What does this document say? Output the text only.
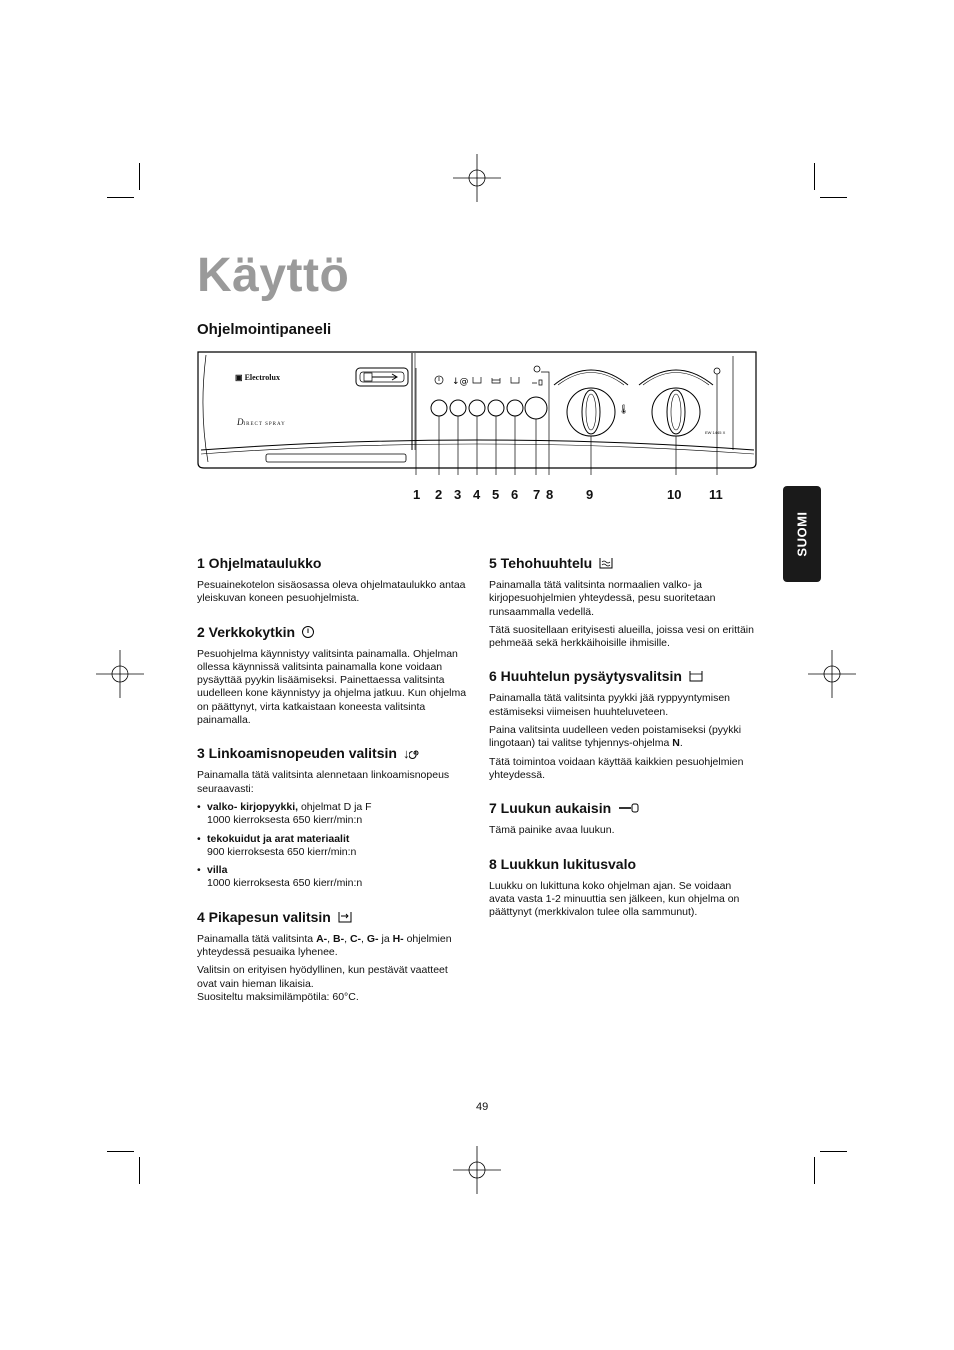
Käyttö
Ohjelmointipaneeli
SUOMI
↓@
🌡
▣ Electrolux
DIRECT SPRAY
EW 1445 X
1 2 3 4 5 6 7 8	9	10 11
1 Ohjelmataulukko

Pesuainekotelon sisäosassa oleva ohjelmataulukko antaa yleiskuvan koneen pesuohjelmista.

2 Verkkokytkin

Pesuohjelma käynnistyy valitsinta painamalla. Ohjelman ollessa käynnissä valitsinta painamalla kone voidaan pysäyttää pyykin lisäämiseksi. Painettaessa valitsinta uudelleen kone käynnistyy ja ohjelma jatkuu. Kun ohjelma on päättynyt, virta katkaistaan koneesta valitsinta painamalla.

3 Linkoamisnopeuden valitsin ↓

Painamalla tätä valitsinta alennetaan linkoamisnopeus seuraavasti:

• valko- kirjopyykki, ohjelmat D ja F
1000 kierroksesta 650 kierr/min:n
• tekokuidut ja arat materiaalit
900 kierroksesta 650 kierr/min:n
• villa
1000 kierroksesta 650 kierr/min:n
4 Pikapesun valitsin

Painamalla tätä valitsinta A-, B-, C-, G- ja H- ohjelmien yhteydessä pesuaika lyhenee.

Valitsin on erityisen hyödyllinen, kun pestävät vaatteet ovat vain hieman likaisia.
Suositeltu maksimilämpötila: 60°C.

5 Tehohuuhtelu

Painamalla tätä valitsinta normaalien valko- ja kirjopesuohjelmien yhteydessä, pesu suoritetaan runsaammalla vedellä.

Tätä suositellaan erityisesti alueilla, joissa vesi on erittäin pehmeää sekä herkkäihoisille ihmisille.

6 Huuhtelun pysäytysvalitsin

Painamalla tätä valitsinta pyykki jää ryppyyntymisen estämiseksi viimeisen huuhteluveteen.

Paina valitsinta uudelleen veden poistamiseksi (pyykki lingotaan) tai valitse tyhjennys-ohjelma N.

Tätä toimintoa voidaan käyttää kaikkien pesuohjelmien yhteydessä.

7 Luukun aukaisin

Tämä painike avaa luukun.

8 Luukkun lukitusvalo

Luukku on lukittuna koko ohjelman ajan. Se voidaan avata vasta 1-2 minuuttia sen jälkeen, kun ohjelma on päättynyt (merkkivalon tulee olla sammunut).

49
